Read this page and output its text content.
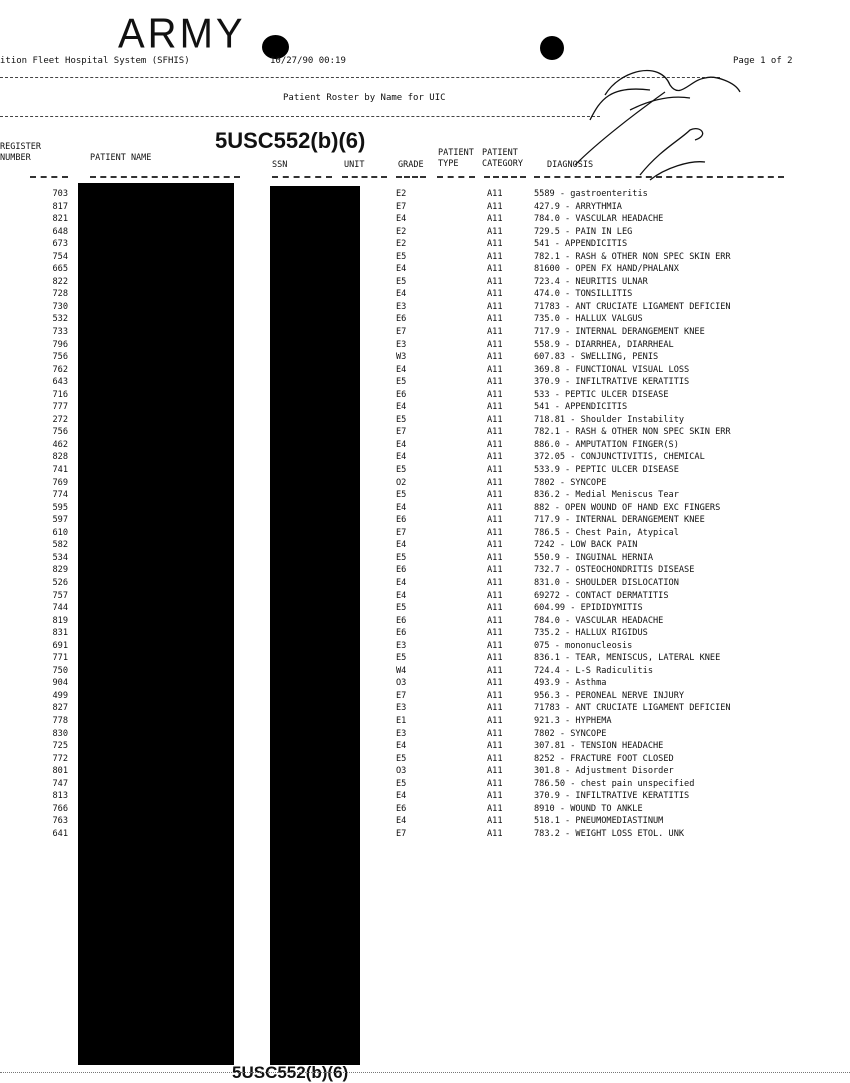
ARMY
ition Fleet Hospital System (SFHIS)	10/27/90 00:19	Page 1 of 2
Patient Roster by Name for UIC
5USC552(b)(6)
REGISTER
NUMBER	PATIENT NAME
SSN	UNIT	GRADE
PATIENT
TYPE
PATIENT
CATEGORY	DIAGNOSIS
703	E2	A11	5589 - gastroenteritis
817	E7	A11	427.9 - ARRYTHMIA
821	E4	A11	784.0 - VASCULAR HEADACHE
648	E2	A11	729.5 - PAIN IN LEG
673	E2	A11	541 - APPENDICITIS
754	E5	A11	782.1 - RASH & OTHER NON SPEC SKIN ERR
665	E4	A11	81600 - OPEN FX HAND/PHALANX
822	E5	A11	723.4 - NEURITIS ULNAR
728	E4	A11	474.0 - TONSILLITIS
730	E3	A11	71783 - ANT CRUCIATE LIGAMENT DEFICIEN
532	E6	A11	735.0 - HALLUX VALGUS
733	E7	A11	717.9 - INTERNAL DERANGEMENT KNEE
796	E3	A11	558.9 - DIARRHEA, DIARRHEAL
756	W3	A11	607.83 - SWELLING, PENIS
762	E4	A11	369.8 - FUNCTIONAL VISUAL LOSS
643	E5	A11	370.9 - INFILTRATIVE KERATITIS
716	E6	A11	533 - PEPTIC ULCER DISEASE
777	E4	A11	541 - APPENDICITIS
272	E5	A11	718.81 - Shoulder Instability
756	E7	A11	782.1 - RASH & OTHER NON SPEC SKIN ERR
462	E4	A11	886.0 - AMPUTATION FINGER(S)
828	E4	A11	372.05 - CONJUNCTIVITIS, CHEMICAL
741	E5	A11	533.9 - PEPTIC ULCER DISEASE
769	O2	A11	7802 - SYNCOPE
774	E5	A11	836.2 - Medial Meniscus Tear
595	E4	A11	882 - OPEN WOUND OF HAND EXC FINGERS
597	E6	A11	717.9 - INTERNAL DERANGEMENT KNEE
610	E7	A11	786.5 - Chest Pain, Atypical
582	E4	A11	7242 - LOW BACK PAIN
534	E5	A11	550.9 - INGUINAL HERNIA
829	E6	A11	732.7 - OSTEOCHONDRITIS DISEASE
526	E4	A11	831.0 - SHOULDER DISLOCATION
757	E4	A11	69272 - CONTACT DERMATITIS
744	E5	A11	604.99 - EPIDIDYMITIS
819	E6	A11	784.0 - VASCULAR HEADACHE
831	E6	A11	735.2 - HALLUX RIGIDUS
691	E3	A11	075 - mononucleosis
771	E5	A11	836.1 - TEAR, MENISCUS, LATERAL KNEE
750	W4	A11	724.4 - L-S Radiculitis
904	O3	A11	493.9 - Asthma
499	E7	A11	956.3 - PERONEAL NERVE INJURY
827	E3	A11	71783 - ANT CRUCIATE LIGAMENT DEFICIEN
778	E1	A11	921.3 - HYPHEMA
830	E3	A11	7802 - SYNCOPE
725	E4	A11	307.81 - TENSION HEADACHE
772	E5	A11	8252 - FRACTURE FOOT CLOSED
801	O3	A11	301.8 - Adjustment Disorder
747	E5	A11	786.50 - chest pain unspecified
813	E4	A11	370.9 - INFILTRATIVE KERATITIS
766	E6	A11	8910 - WOUND TO ANKLE
763	E4	A11	518.1 - PNEUMOMEDIASTINUM
641	E7	A11	783.2 - WEIGHT LOSS ETOL. UNK
5USC552(b)(6)
